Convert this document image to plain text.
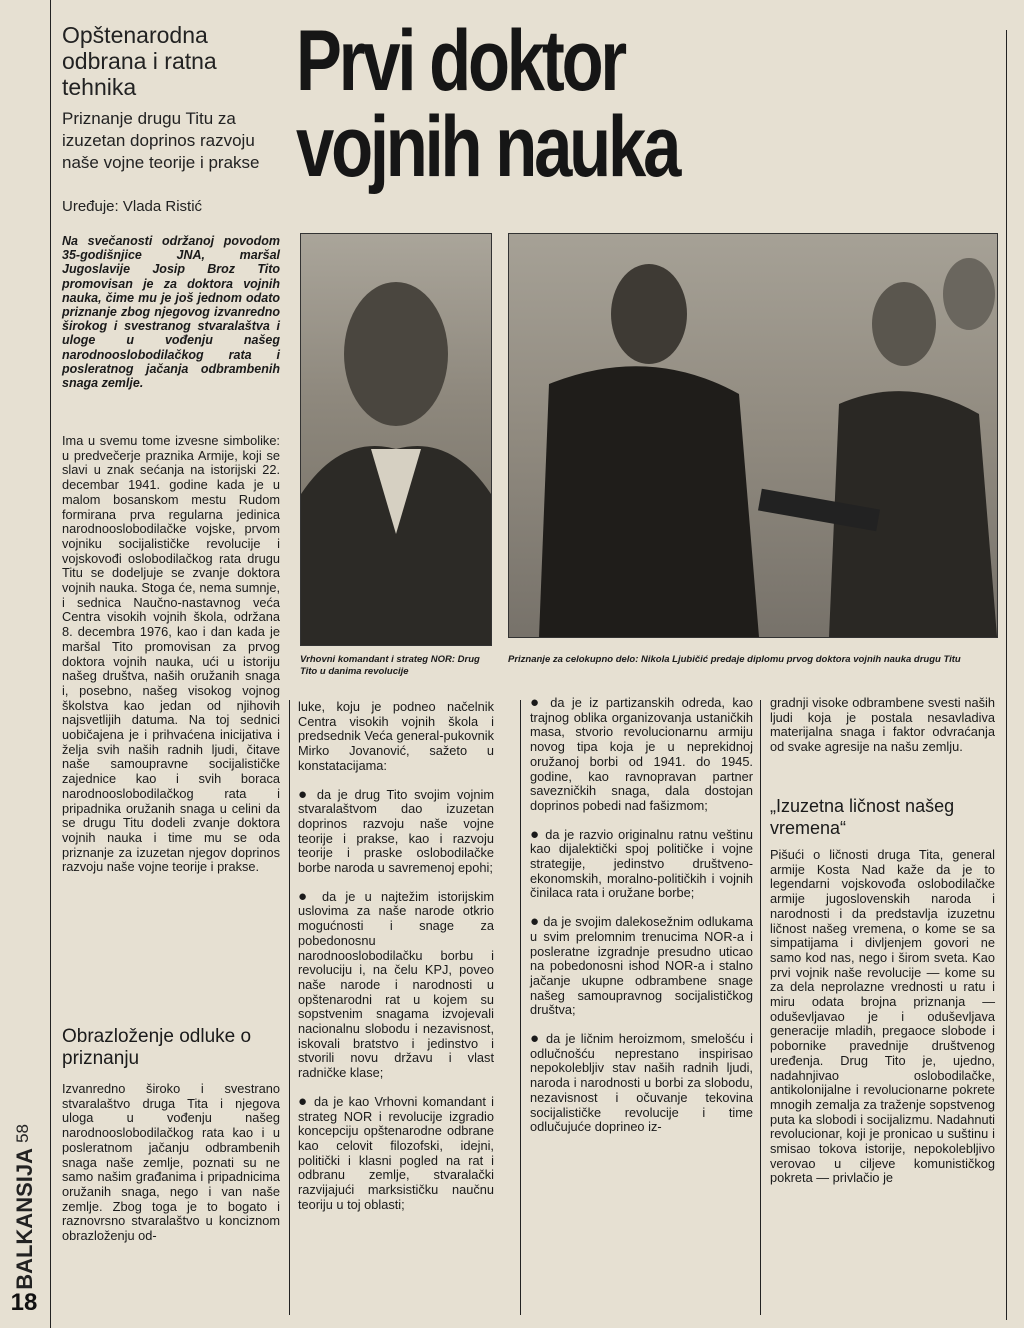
58
BALKANSIJA
18
Opštenarodna odbrana i ratna tehnika
Priznanje drugu Titu za izuzetan doprinos razvoju naše vojne teorije i prakse
Uređuje: Vlada Ristić
Prvi doktor
vojnih nauka
Na svečanosti održanoj povodom 35-godišnjice JNA, maršal Jugoslavije Josip Broz Tito promovisan je za doktora vojnih nauka, čime mu je još jednom odato priznanje zbog njegovog izvanredno širokog i svestranog stvaralaštva i uloge u vođenju našeg narodnooslobodilačkog rata i posleratnog jačanja odbrambenih snaga zemlje.
Ima u svemu tome izvesne simbolike: u predvečerje praznika Armije, koji se slavi u znak sećanja na istorijski 22. decembar 1941. godine kada je u malom bosanskom mestu Rudom formirana prva regularna jedinica narodnooslobodilačke vojske, prvom vojniku socijalističke revolucije i vojskovođi oslobodilačkog rata drugu Titu se dodeljuje se zvanje doktora vojnih nauka. Stoga će, nema sumnje, i sednica Naučno-nastavnog veća Centra visokih vojnih škola, održana 8. decembra 1976, kao i dan kada je maršal Tito promovisan za prvog doktora vojnih nauka, ući u istoriju našeg društva, naših oružanih snaga i, posebno, našeg visokog vojnog školstva kao jedan od njihovih najsvetlijih datuma. Na toj sednici uobičajena je i prihvaćena inicijativa i želja svih naših radnih ljudi, čitave naše samoupravne socijalističke zajednice kao i svih boraca narodnooslobodilačkog rata i pripadnika oružanih snaga u celini da se drugu Titu dodeli zvanje doktora vojnih nauka i time mu se oda priznanje za izuzetan njegov doprinos razvoju naše vojne teorije i prakse.
Obrazloženje odluke o priznanju
Izvanredno široko i svestrano stvaralaštvo druga Tita i njegova uloga u vođenju našeg narodnooslobodilačkog rata kao i u posleratnom jačanju odbrambenih snaga naše zemlje, poznati su ne samo našim građanima i pripadnicima oružanih snaga, nego i van naše zemlje. Zbog toga je to bogato i raznovrsno stvaralaštvo u konciznom obrazloženju od-
Vrhovni komandant i strateg NOR: Drug Tito u danima revolucije
Priznanje za celokupno delo: Nikola Ljubičić predaje diplomu prvog doktora vojnih nauka drugu Titu
luke, koju je podneo načelnik Centra visokih vojnih škola i predsednik Veća general-pukovnik Mirko Jovanović, sažeto u konstatacijama:
● da je drug Tito svojim vojnim stvaralaštvom dao izuzetan doprinos razvoju naše vojne teorije i prakse, kao i razvoju teorije i praske oslobodilačke borbe naroda u savremenoj epohi;
● da je u najtežim istorijskim uslovima za naše narode otkrio mogućnosti i snage za pobedonosnu narodnooslobodilačku borbu i revoluciju i, na čelu KPJ, poveo naše narode i narodnosti u opštenarodni rat u kojem su sopstvenim snagama izvojevali nacionalnu slobodu i nezavisnost, iskovali bratstvo i jedinstvo i stvorili novu državu i vlast radničke klase;
● da je kao Vrhovni komandant i strateg NOR i revolucije izgradio koncepciju opštenarodne odbrane kao celovit filozofski, idejni, politički i klasni pogled na rat i odbranu zemlje, stvaralački razvijajući marksističku naučnu teoriju u toj oblasti;
● da je iz partizanskih odreda, kao trajnog oblika organizovanja ustaničkih masa, stvorio revolucionarnu armiju novog tipa koja je u neprekidnoj oružanoj borbi od 1941. do 1945. godine, kao ravnopravan partner savezničkih snaga, dala dostojan doprinos pobedi nad fašizmom;
● da je razvio originalnu ratnu veštinu kao dijalektički spoj političke i vojne strategije, jedinstvo društveno-ekonomskih, moralno-političkih i vojnih činilaca rata i oružane borbe;
● da je svojim dalekosežnim odlukama u svim prelomnim trenucima NOR-a i posleratne izgradnje presudno uticao na pobedonosni ishod NOR-a i stalno jačanje ukupne odbrambene snage našeg samoupravnog socijalističkog društva;
● da je ličnim heroizmom, smelošću i odlučnošću neprestano inspirisao nepokolebljiv stav naših radnih ljudi, naroda i narodnosti u borbi za slobodu, nezavisnost i očuvanje tekovina socijalističke revolucije i time odlučujuće doprineo iz-
gradnji visoke odbrambene svesti naših ljudi koja je postala nesavladiva materijalna snaga i faktor odvraćanja od svake agresije na našu zemlju.
„Izuzetna ličnost našeg vremena“
Pišući o ličnosti druga Tita, general armije Kosta Nad kaže da je to legendarni vojskovođa oslobodilačke armije jugoslovenskih naroda i narodnosti i da predstavlja izuzetnu ličnost našeg vremena, o kome se sa simpatijama i divljenjem govori ne samo kod nas, nego i širom sveta. Kao prvi vojnik naše revolucije — kome su za dela neprolazne vrednosti u ratu i miru odata brojna priznanja — oduševljavao je i oduševljava generacije mladih, pregaoce slobode i pobornike pravednije društvenog uređenja. Drug Tito je, ujedno, nadahnjivao oslobodilačke, antikolonijalne i revolucionarne pokrete mnogih zemalja za traženje sopstvenog puta ka slobodi i socijalizmu. Nadahnuti revolucionar, koji je pronicao u suštinu i smisao tokova istorije, nepokolebljivo verovao u ciljeve komunističkog pokreta — privlačio je
